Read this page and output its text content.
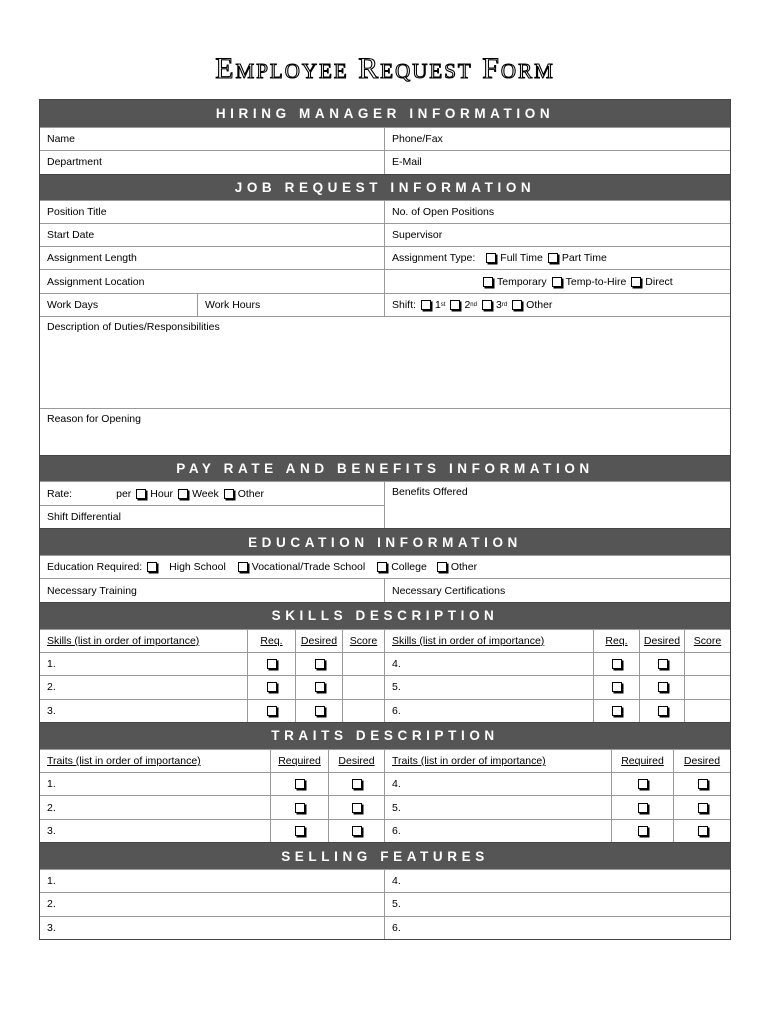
Employee Request Form
HIRING MANAGER INFORMATION
Name	Phone/Fax
Department	E-Mail
JOB REQUEST INFORMATION
Position Title	No. of Open Positions
Start Date	Supervisor
Assignment Length	Assignment Type: Full Time Part Time
Assignment Location	Temporary Temp-to-Hire Direct
Work Days	Work Hours	Shift: 1 st 2 nd 3 rd Other
Description of Duties/Responsibilities
Reason for Opening
PAY RATE AND BENEFITS INFORMATION
Rate:	per Hour Week Other
Shift Differential
Benefits Offered
EDUCATION INFORMATION
Education Required:	High School Vocational/Trade School College Other
Necessary Training	Necessary Certifications
SKILLS DESCRIPTION
Skills (list in order of importance)	Req.	Desired	Score	Skills (list in order of importance)	Req.	Desired	Score
1.	4.
2.	5.
3.	6.
TRAITS DESCRIPTION
Traits (list in order of importance)	Required	Desired	Traits (list in order of importance)	Required	Desired
1.	4.
2.	5.
3.	6.
SELLING FEATURES
1.	4.
2.	5.
3.	6.
